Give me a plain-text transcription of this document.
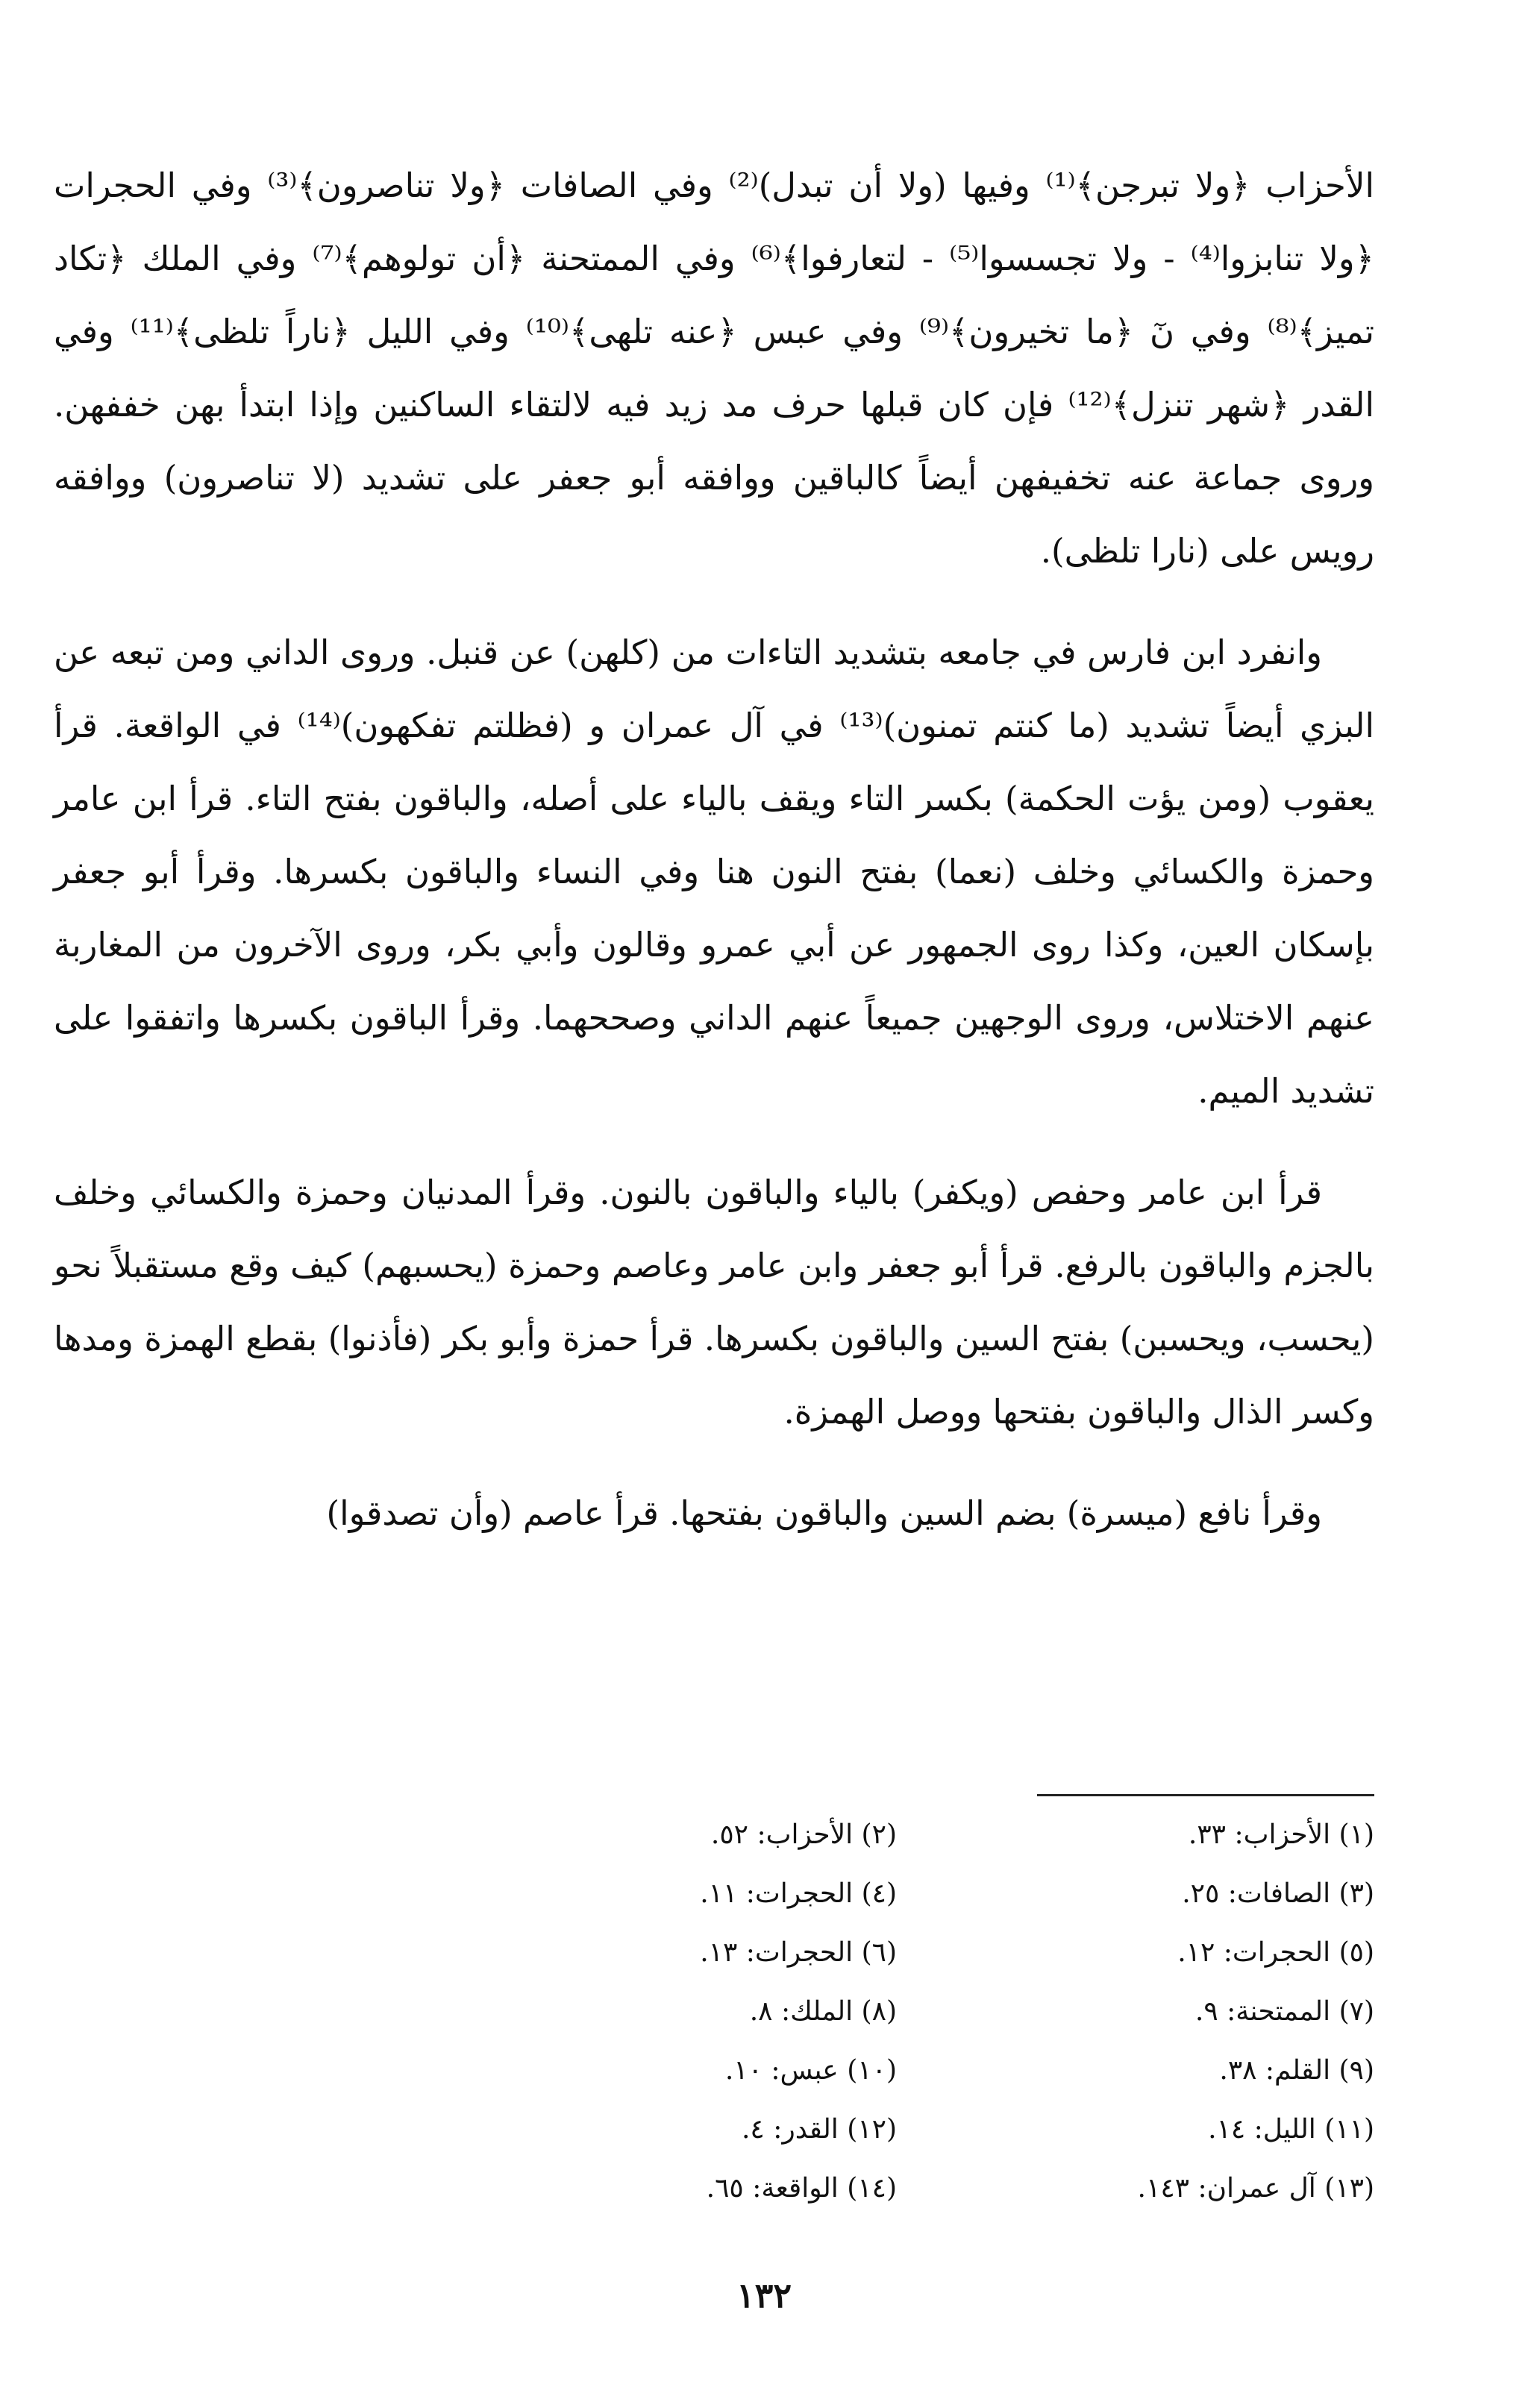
الأحزاب ﴿ولا تبرجن﴾⁽¹⁾ وفيها (ولا أن تبدل)⁽²⁾ وفي الصافات ﴿ولا تناصرون﴾⁽³⁾ وفي الحجرات ﴿ولا تنابزوا⁽⁴⁾ - ولا تجسسوا⁽⁵⁾ - لتعارفوا﴾⁽⁶⁾ وفي الممتحنة ﴿أن تولوهم﴾⁽⁷⁾ وفي الملك ﴿تكاد تميز﴾⁽⁸⁾ وفي نٓ ﴿ما تخيرون﴾⁽⁹⁾ وفي عبس ﴿عنه تلهى﴾⁽¹⁰⁾ وفي الليل ﴿ناراً تلظى﴾⁽¹¹⁾ وفي القدر ﴿شهر تنزل﴾⁽¹²⁾ فإن كان قبلها حرف مد زيد فيه لالتقاء الساكنين وإذا ابتدأ بهن خففهن. وروى جماعة عنه تخفيفهن أيضاً كالباقين ووافقه أبو جعفر على تشديد (لا تناصرون) ووافقه رويس على (نارا تلظى).

وانفرد ابن فارس في جامعه بتشديد التاءات من (كلهن) عن قنبل. وروى الداني ومن تبعه عن البزي أيضاً تشديد (ما كنتم تمنون)⁽¹³⁾ في آل عمران و (فظلتم تفكهون)⁽¹⁴⁾ في الواقعة. قرأ يعقوب (ومن يؤت الحكمة) بكسر التاء ويقف بالياء على أصله، والباقون بفتح التاء. قرأ ابن عامر وحمزة والكسائي وخلف (نعما) بفتح النون هنا وفي النساء والباقون بكسرها. وقرأ أبو جعفر بإسكان العين، وكذا روى الجمهور عن أبي عمرو وقالون وأبي بكر، وروى الآخرون من المغاربة عنهم الاختلاس، وروى الوجهين جميعاً عنهم الداني وصححهما. وقرأ الباقون بكسرها واتفقوا على تشديد الميم.

قرأ ابن عامر وحفص (ويكفر) بالياء والباقون بالنون. وقرأ المدنيان وحمزة والكسائي وخلف بالجزم والباقون بالرفع. قرأ أبو جعفر وابن عامر وعاصم وحمزة (يحسبهم) كيف وقع مستقبلاً نحو (يحسب، ويحسبن) بفتح السين والباقون بكسرها. قرأ حمزة وأبو بكر (فأذنوا) بقطع الهمزة ومدها وكسر الذال والباقون بفتحها ووصل الهمزة.

وقرأ نافع (ميسرة) بضم السين والباقون بفتحها. قرأ عاصم (وأن تصدقوا)

(١) الأحزاب: ٣٣.
(٢) الأحزاب: ٥٢.
(٣) الصافات: ٢٥.
(٤) الحجرات: ١١.
(٥) الحجرات: ١٢.
(٦) الحجرات: ١٣.
(٧) الممتحنة: ٩.
(٨) الملك: ٨.
(٩) القلم: ٣٨.
(١٠) عبس: ١٠.
(١١) الليل: ١٤.
(١٢) القدر: ٤.
(١٣) آل عمران: ١٤٣.
(١٤) الواقعة: ٦٥.
١٣٢
